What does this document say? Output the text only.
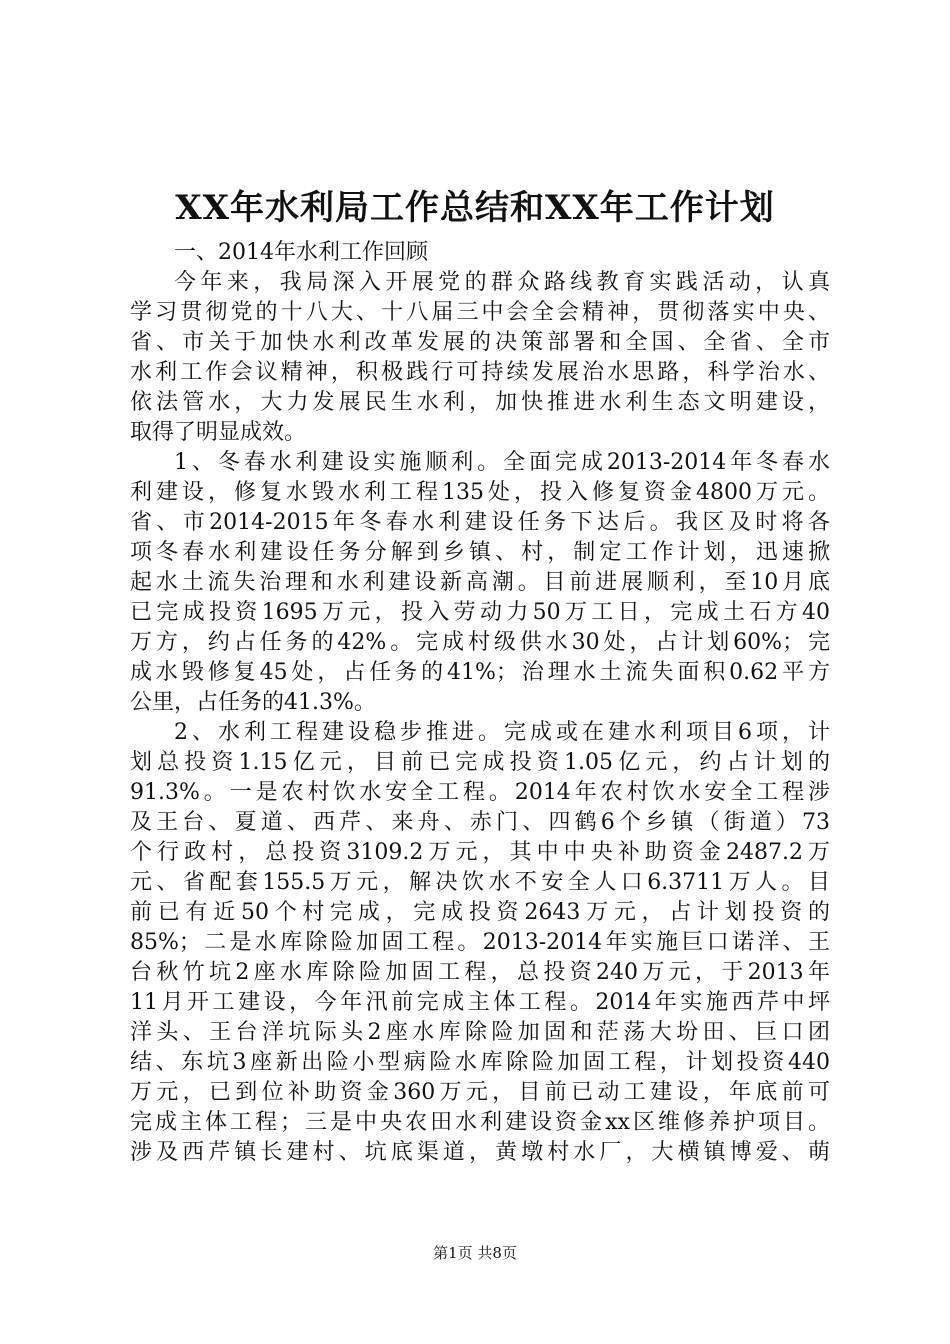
XX年水利局工作总结和XX年工作计划
一、2014年水利工作回顾
今年来，我局深入开展党的群众路线教育实践活动，认真
学习贯彻党的十八大、十八届三中会全会精神，贯彻落实中央、
省、市关于加快水利改革发展的决策部署和全国、全省、全市
水利工作会议精神，积极践行可持续发展治水思路，科学治水、
依法管水，大力发展民生水利，加快推进水利生态文明建设，
取得了明显成效。
1、冬春水利建设实施顺利。全面完成2013-2014年冬春水
利建设，修复水毁水利工程135处，投入修复资金4800万元。
省、市2014-2015年冬春水利建设任务下达后。我区及时将各
项冬春水利建设任务分解到乡镇、村，制定工作计划，迅速掀
起水土流失治理和水利建设新高潮。目前进展顺利，至10月底
已完成投资1695万元，投入劳动力50万工日，完成土石方40
万方，约占任务的42%。完成村级供水30处，占计划60%；完
成水毁修复45处，占任务的41%；治理水土流失面积0.62平方
公里，占任务的41.3%。
2、水利工程建设稳步推进。完成或在建水利项目6项，计
划总投资1.15亿元，目前已完成投资1.05亿元，约占计划的
91.3%。一是农村饮水安全工程。2014年农村饮水安全工程涉
及王台、夏道、西芹、来舟、赤门、四鹤6个乡镇（街道）73
个行政村，总投资3109.2万元，其中中央补助资金2487.2万
元、省配套155.5万元，解决饮水不安全人口6.3711万人。目
前已有近50个村完成，完成投资2643万元，占计划投资的
85%；二是水库除险加固工程。2013-2014年实施巨口诺洋、王
台秋竹坑2座水库除险加固工程，总投资240万元，于2013年
11月开工建设，今年汛前完成主体工程。2014年实施西芹中坪
洋头、王台洋坑际头2座水库除险加固和茫荡大坋田、巨口团
结、东坑3座新出险小型病险水库除险加固工程，计划投资440
万元，已到位补助资金360万元，目前已动工建设，年底前可
完成主体工程；三是中央农田水利建设资金xx区维修养护项目。
涉及西芹镇长建村、坑底渠道，黄墩村水厂，大横镇博爱、萌
第1页 共8页
